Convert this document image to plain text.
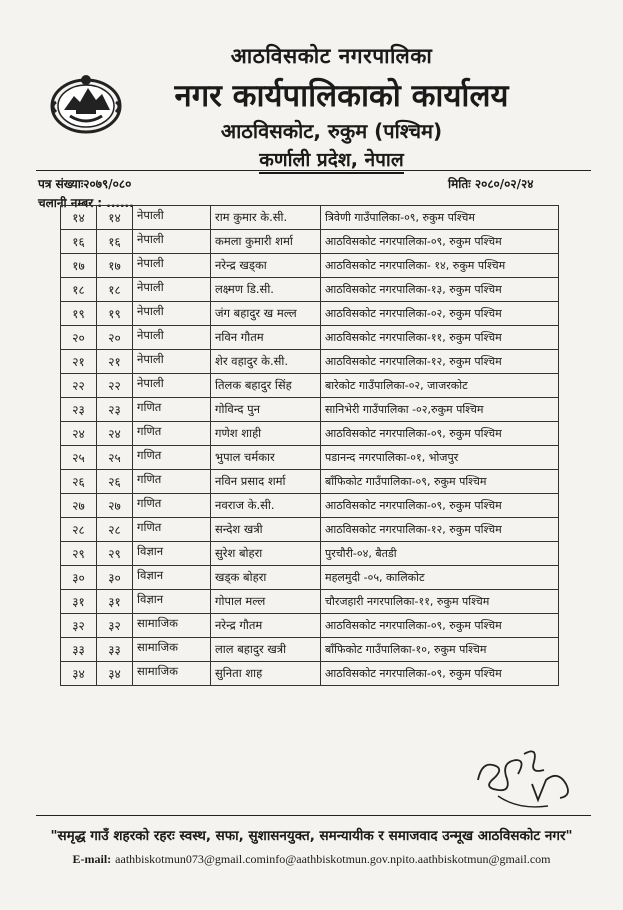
आठविसकोट नगरपालिका
नगर कार्यपालिकाको कार्यालय
आठविसकोट, रुकुम (पश्चिम)
कर्णाली प्रदेश, नेपाल
पत्र संख्याः२०७९/०८०	मितिः २०८०/०२/२४
चलानी नम्बर : ......
१४	१४	नेपाली	राम कुमार के.सी.	त्रिवेणी गाउँपालिका-०९, रुकुम पश्चिम
१६	१६	नेपाली	कमला कुमारी शर्मा	आठविसकोट नगरपालिका-०९, रुकुम पश्चिम
१७	१७	नेपाली	नरेन्द्र खड्का	आठविसकोट नगरपालिका- १४, रुकुम पश्चिम
१८	१८	नेपाली	लक्ष्मण डि.सी.	आठविसकोट नगरपालिका-१३, रुकुम पश्चिम
१९	१९	नेपाली	जंग बहादुर ख मल्ल	आठविसकोट नगरपालिका-०२, रुकुम पश्चिम
२०	२०	नेपाली	नविन गौतम	आठविसकोट नगरपालिका-११, रुकुम पश्चिम
२१	२१	नेपाली	शेर वहादुर के.सी.	आठविसकोट नगरपालिका-१२, रुकुम पश्चिम
२२	२२	नेपाली	तिलक बहादुर सिंह	बारेकोट गाउँपालिका-०२, जाजरकोट
२३	२३	गणित	गोविन्द पुन	सानिभेरी गाउँपालिका -०२,रुकुम पश्चिम
२४	२४	गणित	गणेश शाही	आठविसकोट नगरपालिका-०९, रुकुम पश्चिम
२५	२५	गणित	भुपाल चर्मकार	पडानन्द नगरपालिका-०१, भोजपुर
२६	२६	गणित	नविन प्रसाद शर्मा	बाँफिकोट गाउँपालिका-०९, रुकुम पश्चिम
२७	२७	गणित	नवराज के.सी.	आठविसकोट नगरपालिका-०९, रुकुम पश्चिम
२८	२८	गणित	सन्देश खत्री	आठविसकोट नगरपालिका-१२, रुकुम पश्चिम
२९	२९	विज्ञान	सुरेश बोहरा	पुरचौरी-०४, बैतडी
३०	३०	विज्ञान	खड्क बोहरा	महलमुदी -०५, कालिकोट
३१	३१	विज्ञान	गोपाल मल्ल	चौरजहारी नगरपालिका-११, रुकुम पश्चिम
३२	३२	सामाजिक	नरेन्द्र गौतम	आठविसकोट नगरपालिका-०९, रुकुम पश्चिम
३३	३३	सामाजिक	लाल बहादुर खत्री	बाँफिकोट गाउँपालिका-१०, रुकुम पश्चिम
३४	३४	सामाजिक	सुनिता शाह	आठविसकोट नगरपालिका-०९, रुकुम पश्चिम
"समृद्ध गाउँ शहरको रहरः स्वस्थ, सफा, सुशासनयुक्त, समन्यायीक र समाजवाद उन्मूख आठविसकोट नगर"
E-mail: aathbiskotmun073@gmail.cominfo@aathbiskotmun.gov.npito.aathbiskotmun@gmail.com
